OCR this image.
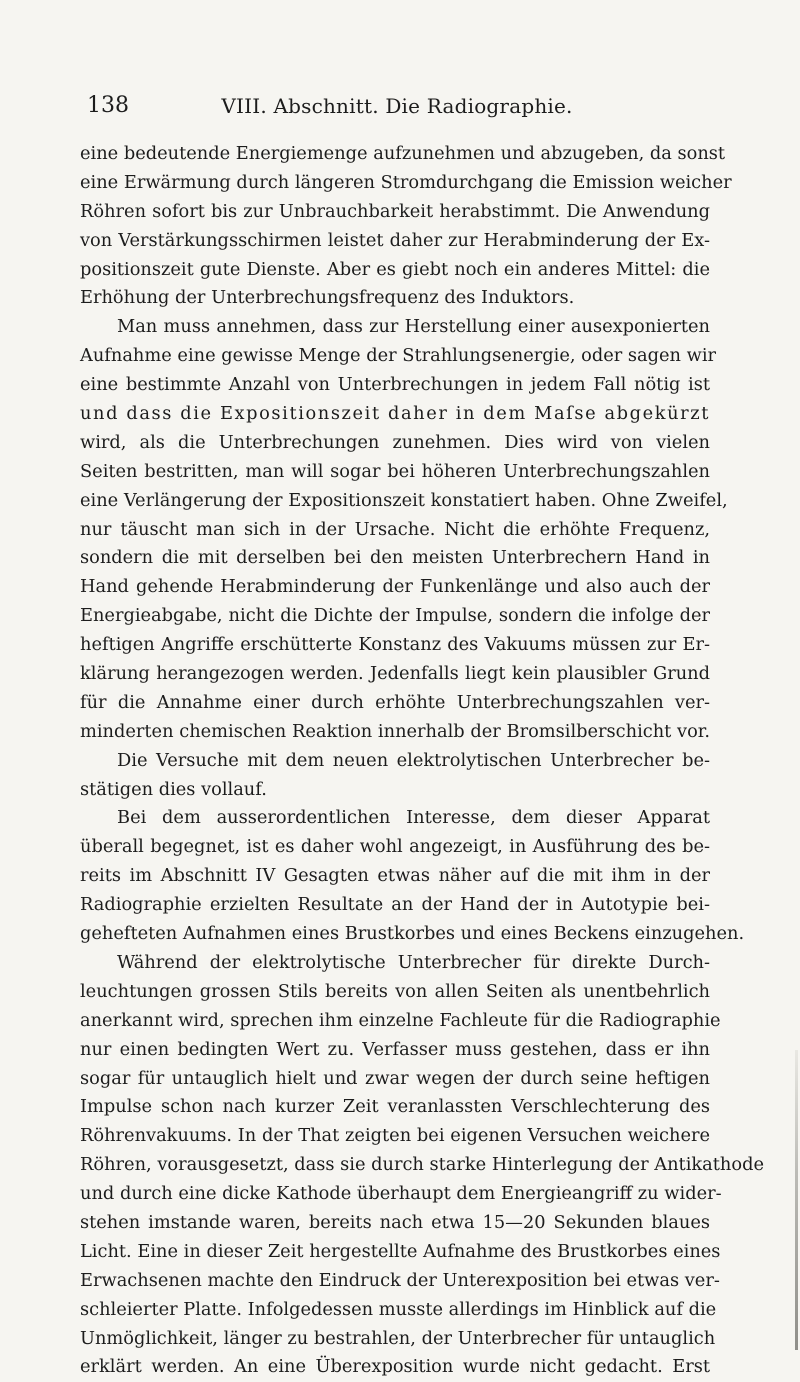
138	VIII. Abschnitt. Die Radiographie.
eine bedeutende Energiemenge aufzunehmen und abzugeben, da sonst
eine Erwärmung durch längeren Stromdurchgang die Emission weicher
Röhren sofort bis zur Unbrauchbarkeit herabstimmt. Die Anwendung
von Verstärkungsschirmen leistet daher zur Herabminderung der Ex-
positionszeit gute Dienste. Aber es giebt noch ein anderes Mittel: die
Erhöhung der Unterbrechungsfrequenz des Induktors.
Man muss annehmen, dass zur Herstellung einer ausexponierten
Aufnahme eine gewisse Menge der Strahlungsenergie, oder sagen wir
eine bestimmte Anzahl von Unterbrechungen in jedem Fall nötig ist
und dass die Expositionszeit daher in dem Maſse abgekürzt
wird, als die Unterbrechungen zunehmen. Dies wird von vielen
Seiten bestritten, man will sogar bei höheren Unterbrechungszahlen
eine Verlängerung der Expositionszeit konstatiert haben. Ohne Zweifel,
nur täuscht man sich in der Ursache. Nicht die erhöhte Frequenz,
sondern die mit derselben bei den meisten Unterbrechern Hand in
Hand gehende Herabminderung der Funkenlänge und also auch der
Energieabgabe, nicht die Dichte der Impulse, sondern die infolge der
heftigen Angriffe erschütterte Konstanz des Vakuums müssen zur Er-
klärung herangezogen werden. Jedenfalls liegt kein plausibler Grund
für die Annahme einer durch erhöhte Unterbrechungszahlen ver-
minderten chemischen Reaktion innerhalb der Bromsilberschicht vor.
Die Versuche mit dem neuen elektrolytischen Unterbrecher be-
stätigen dies vollauf.
Bei dem ausserordentlichen Interesse, dem dieser Apparat
überall begegnet, ist es daher wohl angezeigt, in Ausführung des be-
reits im Abschnitt IV Gesagten etwas näher auf die mit ihm in der
Radiographie erzielten Resultate an der Hand der in Autotypie bei-
gehefteten Aufnahmen eines Brustkorbes und eines Beckens einzugehen.
Während der elektrolytische Unterbrecher für direkte Durch-
leuchtungen grossen Stils bereits von allen Seiten als unentbehrlich
anerkannt wird, sprechen ihm einzelne Fachleute für die Radiographie
nur einen bedingten Wert zu. Verfasser muss gestehen, dass er ihn
sogar für untauglich hielt und zwar wegen der durch seine heftigen
Impulse schon nach kurzer Zeit veranlassten Verschlechterung des
Röhrenvakuums. In der That zeigten bei eigenen Versuchen weichere
Röhren, vorausgesetzt, dass sie durch starke Hinterlegung der Antikathode
und durch eine dicke Kathode überhaupt dem Energieangriff zu wider-
stehen imstande waren, bereits nach etwa 15—20 Sekunden blaues
Licht. Eine in dieser Zeit hergestellte Aufnahme des Brustkorbes eines
Erwachsenen machte den Eindruck der Unterexposition bei etwas ver-
schleierter Platte. Infolgedessen musste allerdings im Hinblick auf die
Unmöglichkeit, länger zu bestrahlen, der Unterbrecher für untauglich
erklärt werden. An eine Überexposition wurde nicht gedacht. Erst
